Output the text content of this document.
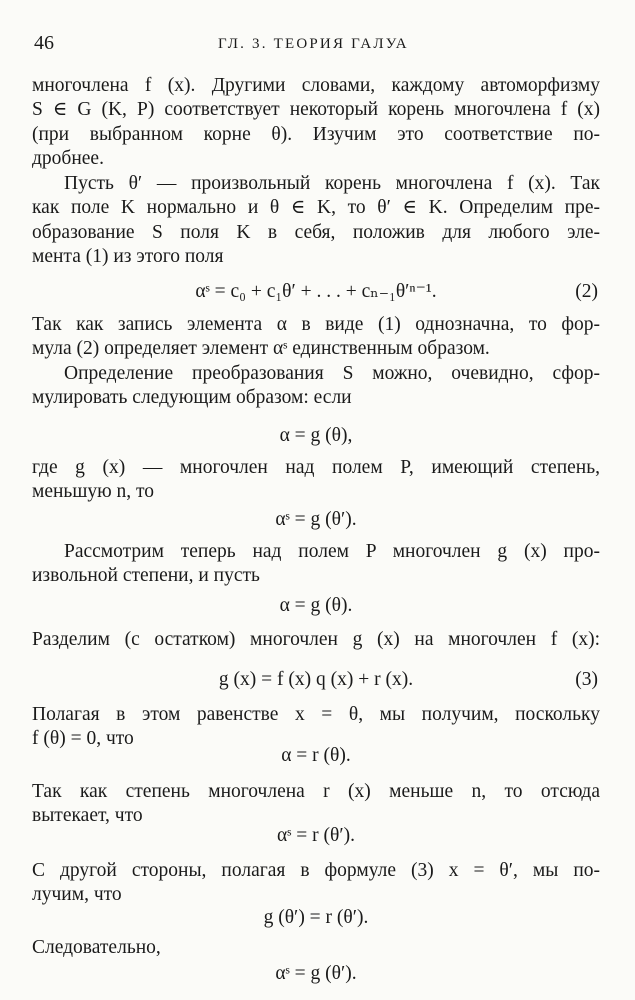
46	ГЛ. 3. ТЕОРИЯ ГАЛУА
многочлена f (x). Другими словами, каждому автоморфизму
S ∈ G (K, P) соответствует некоторый корень многочлена f (x)
(при выбранном корне θ). Изучим это соответствие по-
дробнее.
Пусть θ′ — произвольный корень многочлена f (x). Так
как поле K нормально и θ ∈ K, то θ′ ∈ K. Определим пре-
образование S поля K в себя, положив для любого эле-
мента (1) из этого поля
αˢ = c₀ + c₁θ′ + . . . + cₙ₋₁θ′ⁿ⁻¹.	(2)
Так как запись элемента α в виде (1) однозначна, то фор-
мула (2) определяет элемент αˢ единственным образом.
Определение преобразования S можно, очевидно, сфор-
мулировать следующим образом: если
α = g (θ),
где g (x) — многочлен над полем P, имеющий степень,
меньшую n, то
αˢ = g (θ′).
Рассмотрим теперь над полем P многочлен g (x) про-
извольной степени, и пусть
α = g (θ).
Разделим (с остатком) многочлен g (x) на многочлен f (x):
g (x) = f (x) q (x) + r (x).	(3)
Полагая в этом равенстве x = θ, мы получим, поскольку
f (θ) = 0, что
α = r (θ).
Так как степень многочлена r (x) меньше n, то отсюда
вытекает, что
αˢ = r (θ′).
С другой стороны, полагая в формуле (3) x = θ′, мы по-
лучим, что
g (θ′) = r (θ′).
Следовательно,
αˢ = g (θ′).
